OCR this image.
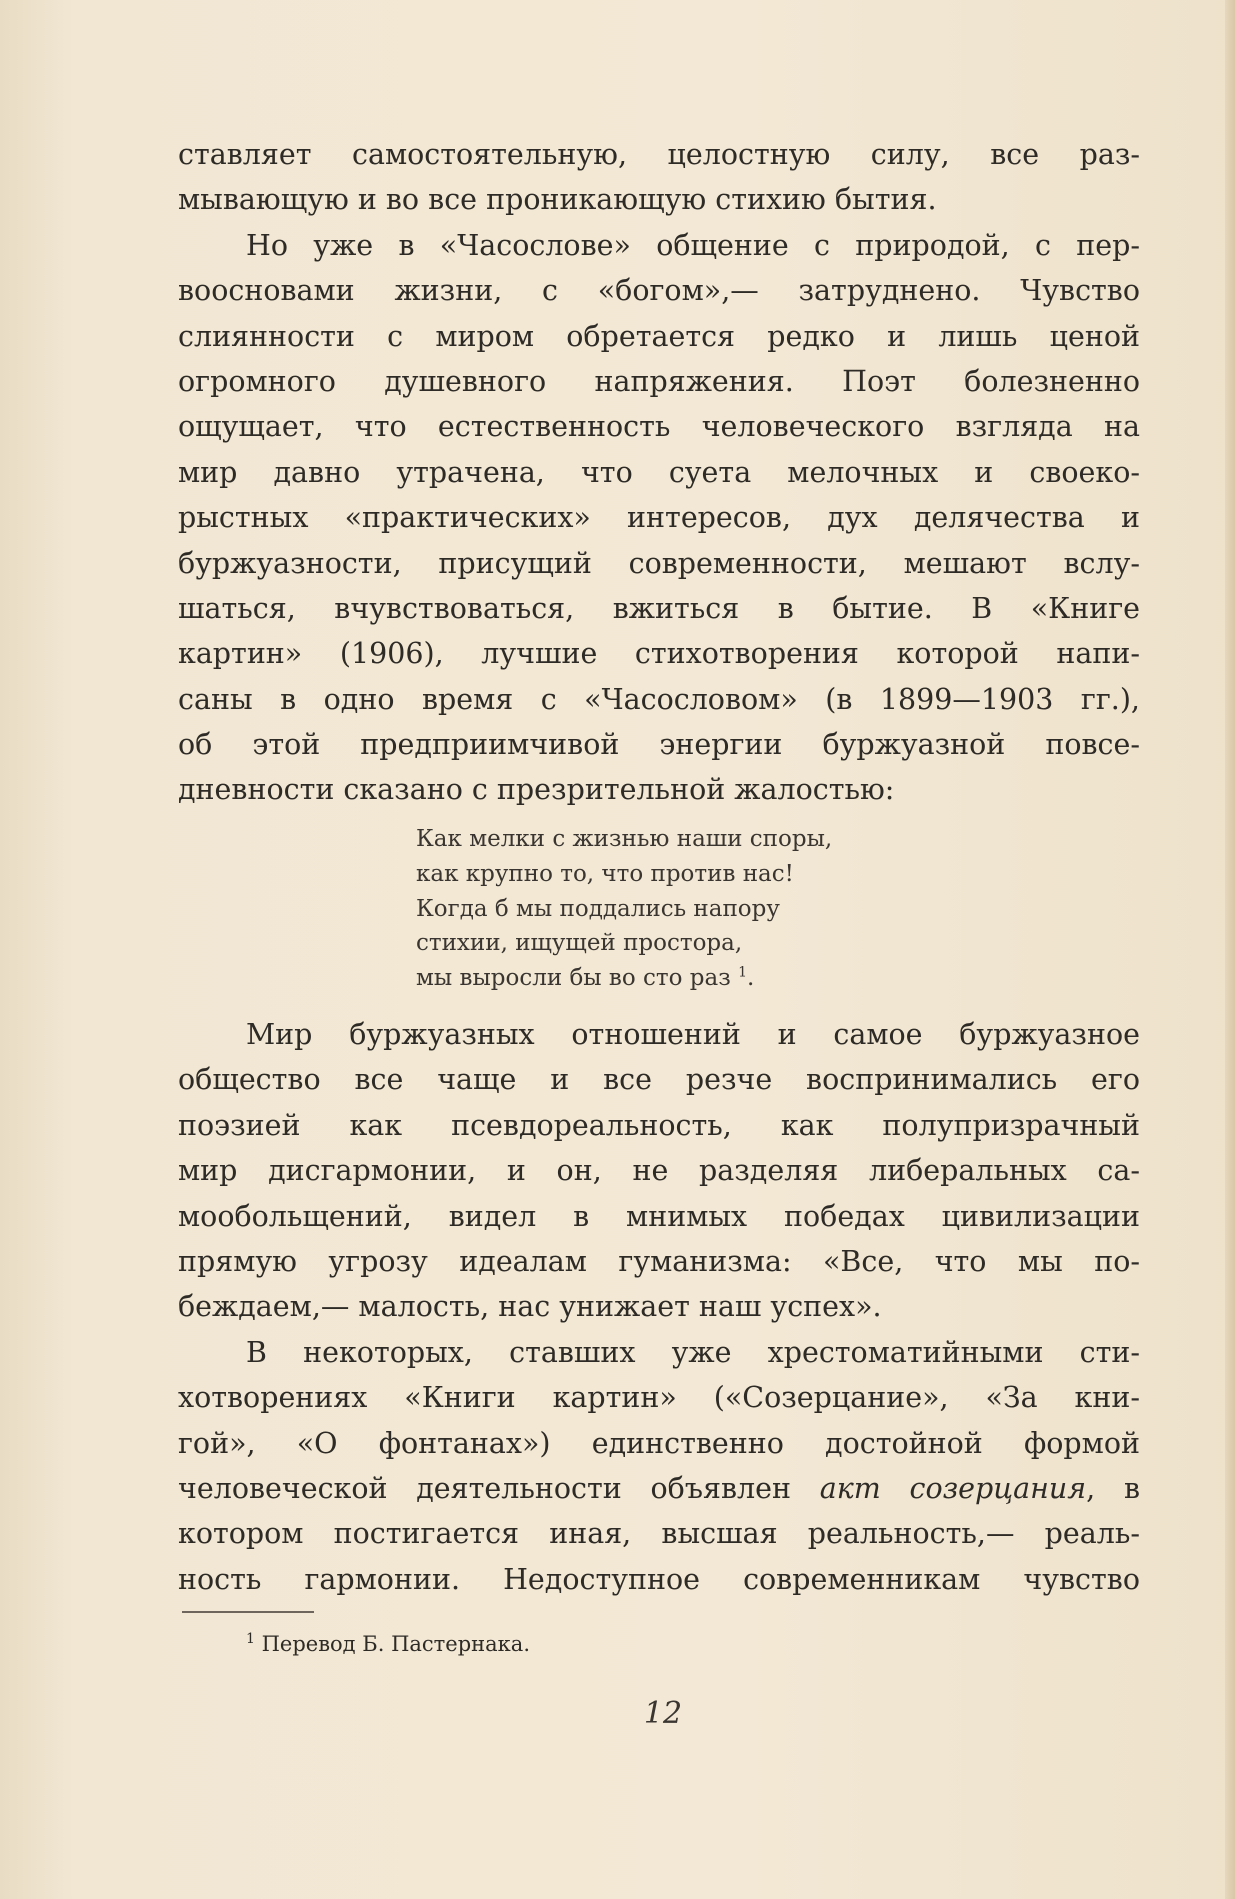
ставляет самостоятельную, целостную силу, все раз-
мывающую и во все проникающую стихию бытия.
Но уже в «Часослове» общение с природой, с пер-
воосновами жизни, с «богом»,— затруднено. Чувство
слиянности с миром обретается редко и лишь ценой
огромного душевного напряжения. Поэт болезненно
ощущает, что естественность человеческого взгляда на
мир давно утрачена, что суета мелочных и своеко-
рыстных «практических» интересов, дух делячества и
буржуазности, присущий современности, мешают вслу-
шаться, вчувствоваться, вжиться в бытие. В «Книге
картин» (1906), лучшие стихотворения которой напи-
саны в одно время с «Часословом» (в 1899—1903 гг.),
об этой предприимчивой энергии буржуазной повсе-
дневности сказано с презрительной жалостью:
Как мелки с жизнью наши споры,
как крупно то, что против нас!
Когда б мы поддались напору
стихии, ищущей простора,
мы выросли бы во сто раз $^1$.
Мир буржуазных отношений и самое буржуазное
общество все чаще и все резче воспринимались его
поэзией как псевдореальность, как полупризрачный
мир дисгармонии, и он, не разделяя либеральных са-
мообольщений, видел в мнимых победах цивилизации
прямую угрозу идеалам гуманизма: «Все, что мы по-
беждаем,— малость, нас унижает наш успех».
В некоторых, ставших уже хрестоматийными сти-
хотворениях «Книги картин» («Созерцание», «За кни-
гой», «О фонтанах») единственно достойной формой
человеческой деятельности объявлен акт созерцания, в
котором постигается иная, высшая реальность,— реаль-
ность гармонии. Недоступное современникам чувство
$^1$ Перевод Б. Пастернака.
12
